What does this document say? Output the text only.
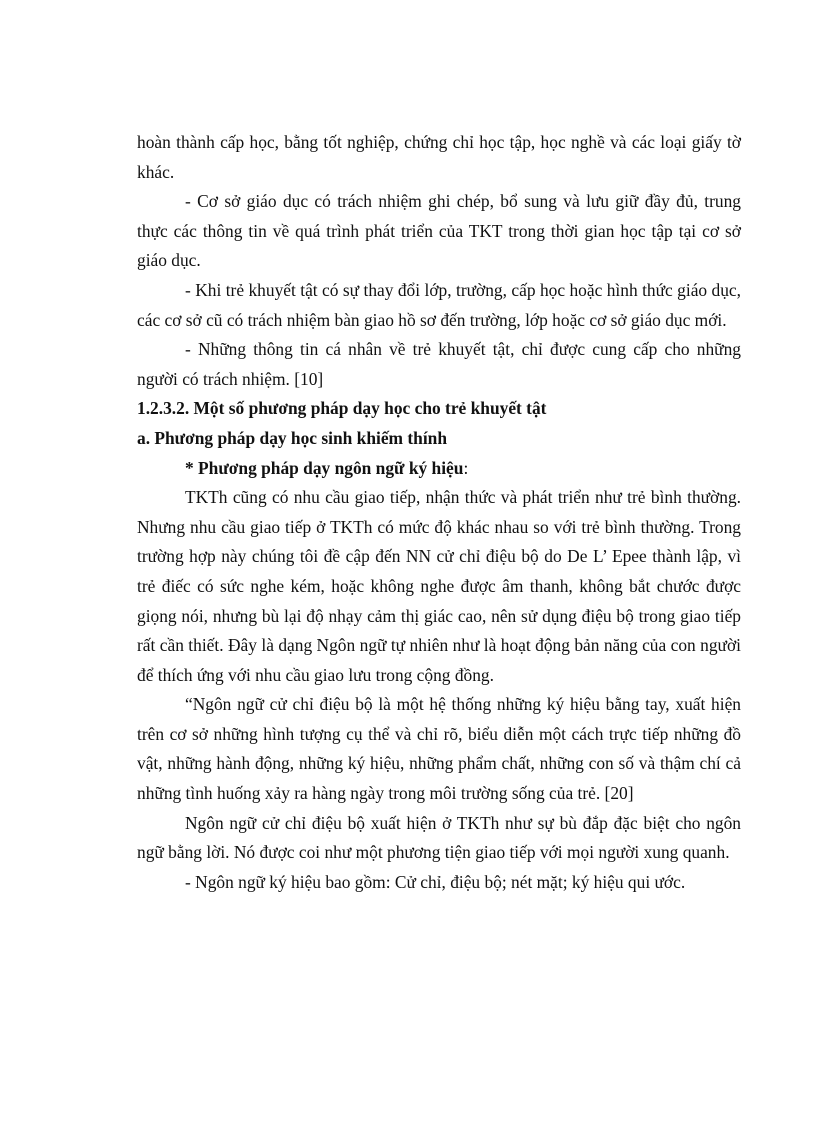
hoàn thành cấp học, bằng tốt nghiệp, chứng chỉ học tập, học nghề và các loại giấy tờ khác.

- Cơ sở giáo dục có trách nhiệm ghi chép, bổ sung và lưu giữ đầy đủ, trung thực các thông tin về quá trình phát triển của TKT trong thời gian học tập tại cơ sở giáo dục.

- Khi trẻ khuyết tật có sự thay đổi lớp, trường, cấp học hoặc hình thức giáo dục, các cơ sở cũ có trách nhiệm bàn giao hồ sơ đến trường, lớp hoặc cơ sở giáo dục mới.

- Những thông tin cá nhân về trẻ khuyết tật, chỉ được cung cấp cho những người có trách nhiệm. [10]

1.2.3.2. Một số phương pháp dạy học cho trẻ khuyết tật

a. Phương pháp dạy học sinh khiếm thính

* Phương pháp dạy ngôn ngữ ký hiệu:

TKTh cũng có nhu cầu giao tiếp, nhận thức và phát triển như trẻ bình thường. Nhưng nhu cầu giao tiếp ở TKTh có mức độ khác nhau so với trẻ bình thường. Trong trường hợp này chúng tôi đề cập đến NN cử chỉ điệu bộ do De L’ Epee thành lập, vì trẻ điếc có sức nghe kém, hoặc không nghe được âm thanh, không bắt chước được giọng nói, nhưng bù lại độ nhạy cảm thị giác cao, nên sử dụng điệu bộ trong giao tiếp rất cần thiết. Đây là dạng Ngôn ngữ tự nhiên như là hoạt động bản năng của con người để thích ứng với nhu cầu giao lưu trong cộng đồng.

“Ngôn ngữ cử chỉ điệu bộ là một hệ thống những ký hiệu bằng tay, xuất hiện trên cơ sở những hình tượng cụ thể và chỉ rõ, biểu diễn một cách trực tiếp những đồ vật, những hành động, những ký hiệu, những phẩm chất, những con số và thậm chí cả những tình huống xảy ra hàng ngày trong môi trường sống của trẻ. [20]

Ngôn ngữ cử chỉ điệu bộ xuất hiện ở TKTh như sự bù đắp đặc biệt cho ngôn ngữ bằng lời. Nó được coi như một phương tiện giao tiếp với mọi người xung quanh.

- Ngôn ngữ ký hiệu bao gồm: Cử chỉ, điệu bộ; nét mặt; ký hiệu qui ước.
